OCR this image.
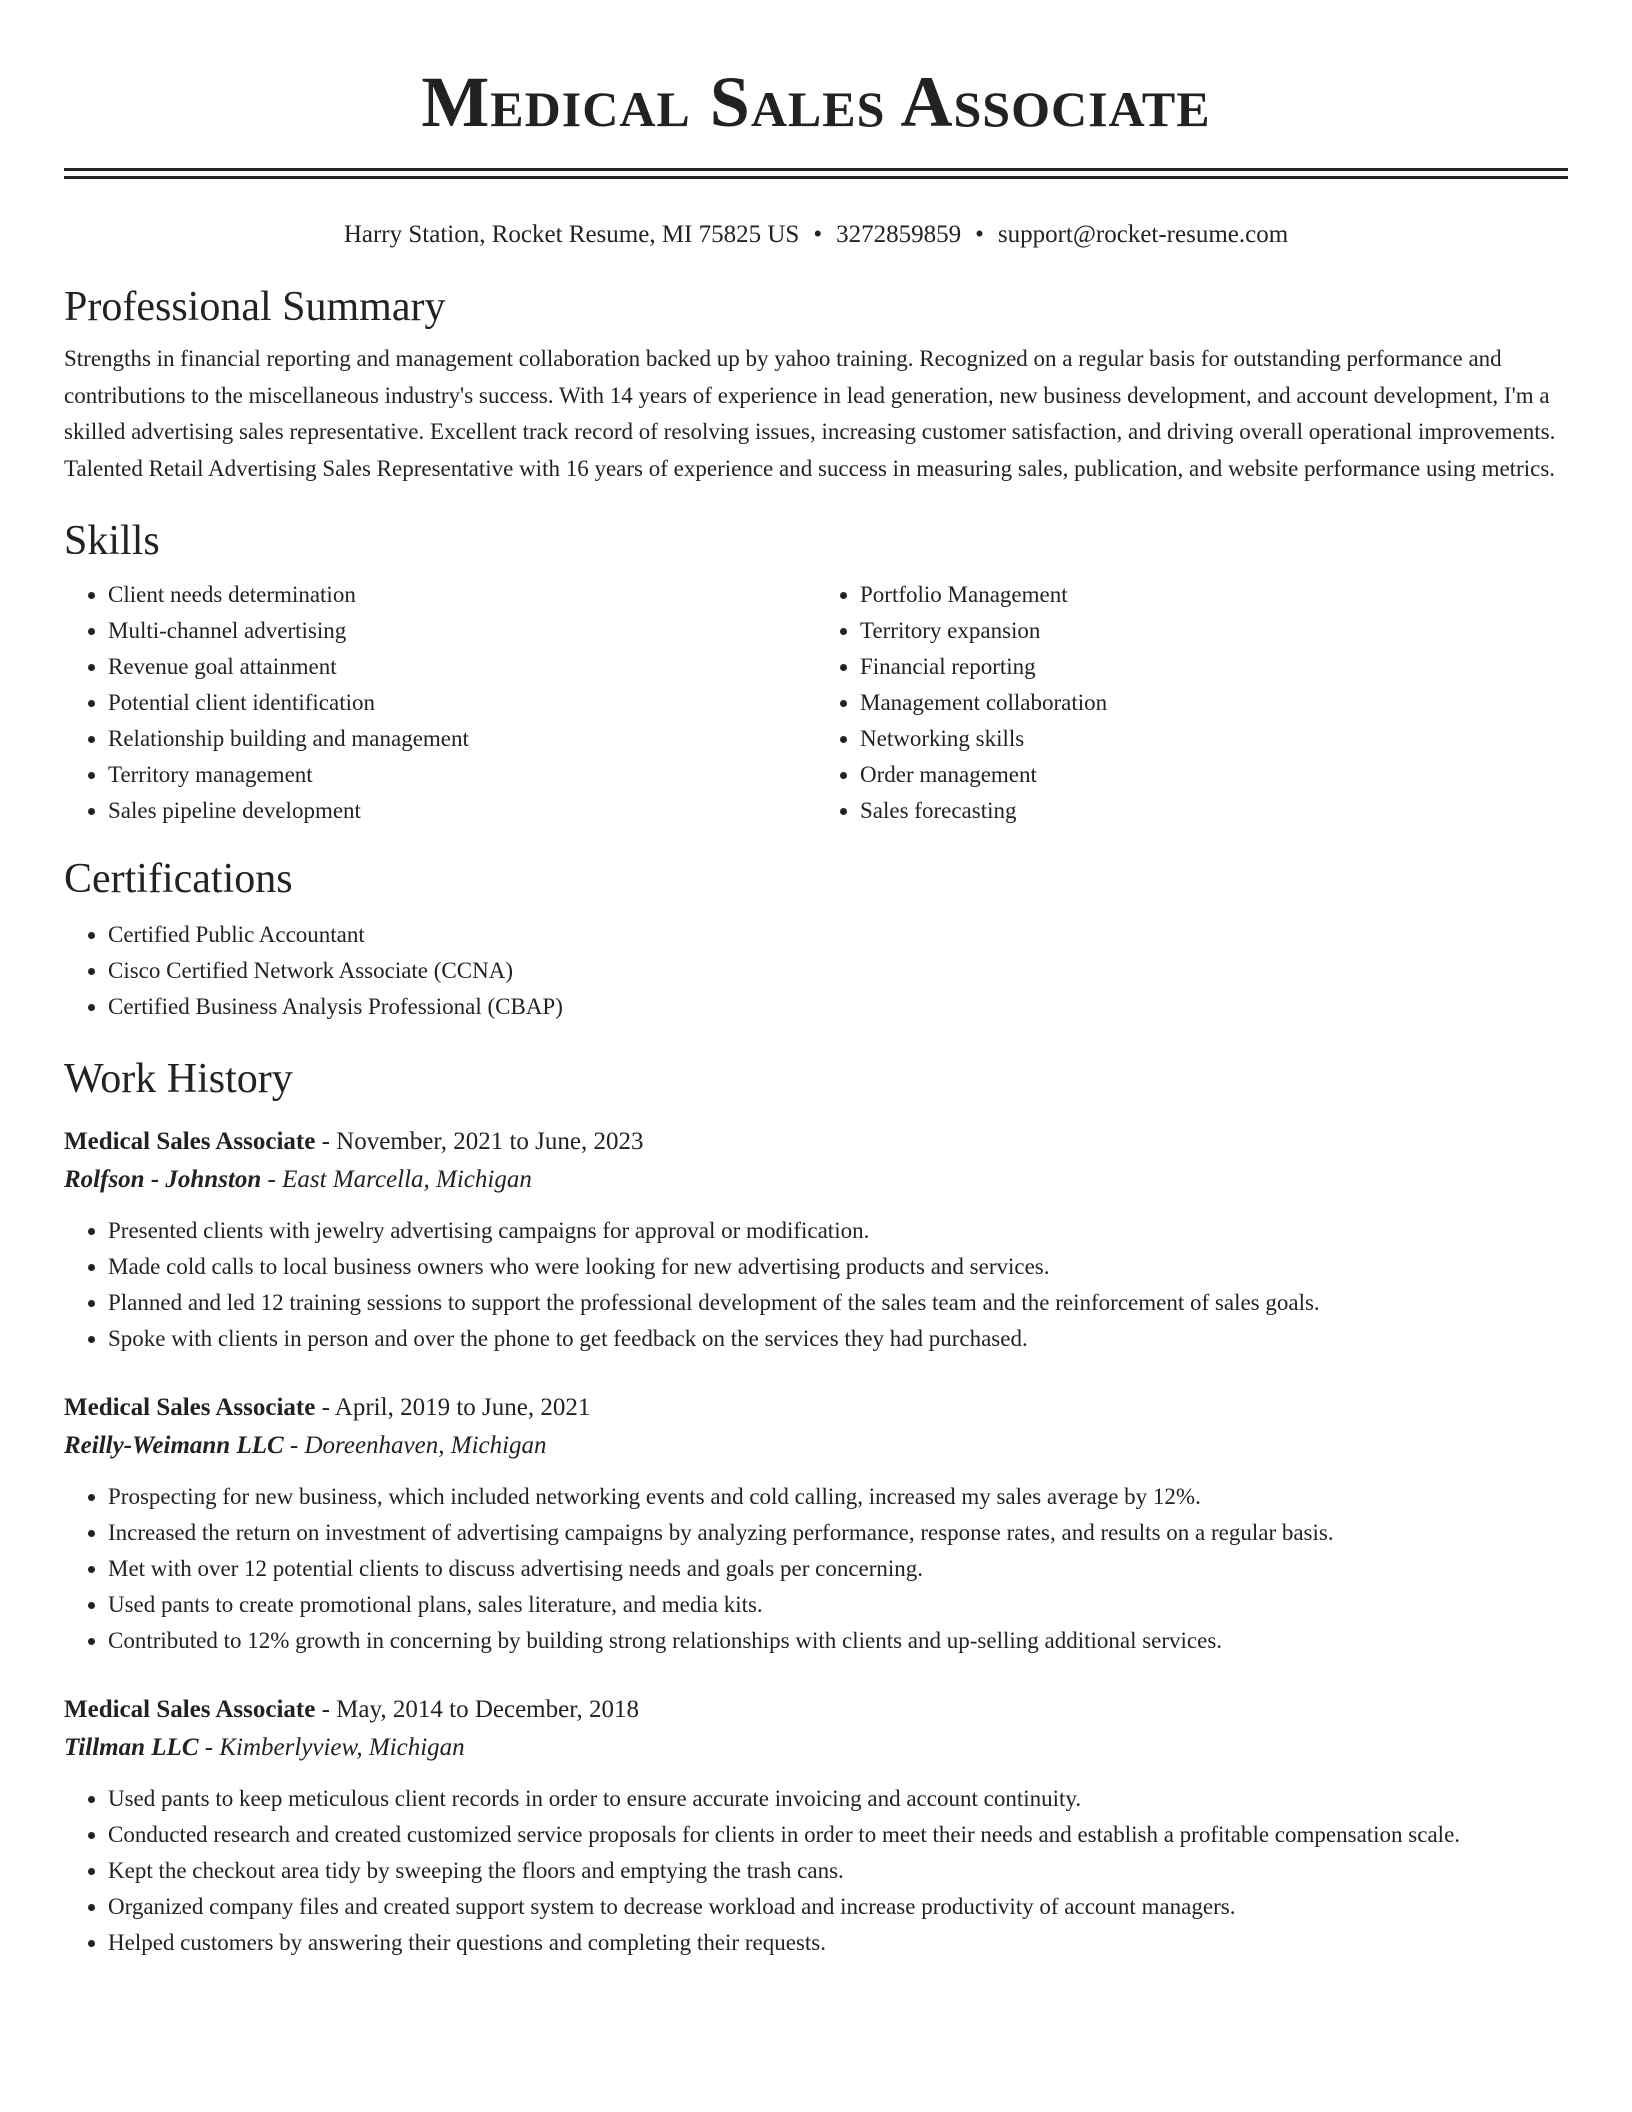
Medical Sales Associate
Harry Station, Rocket Resume, MI 75825 US • 3272859859 • support@rocket-resume.com
Professional Summary

Strengths in financial reporting and management collaboration backed up by yahoo training. Recognized on a regular basis for outstanding performance and contributions to the miscellaneous industry's success. With 14 years of experience in lead generation, new business development, and account development, I'm a skilled advertising sales representative. Excellent track record of resolving issues, increasing customer satisfaction, and driving overall operational improvements. Talented Retail Advertising Sales Representative with 16 years of experience and success in measuring sales, publication, and website performance using metrics.

Skills
• Client needs determination
• Multi-channel advertising
• Revenue goal attainment
• Potential client identification
• Relationship building and management
• Territory management
• Sales pipeline development
• Portfolio Management
• Territory expansion
• Financial reporting
• Management collaboration
• Networking skills
• Order management
• Sales forecasting
Certifications
• Certified Public Accountant
• Cisco Certified Network Associate (CCNA)
• Certified Business Analysis Professional (CBAP)
Work History
Medical Sales Associate - November, 2021 to June, 2023
Rolfson - Johnston - East Marcella, Michigan
• Presented clients with jewelry advertising campaigns for approval or modification.
• Made cold calls to local business owners who were looking for new advertising products and services.
• Planned and led 12 training sessions to support the professional development of the sales team and the reinforcement of sales goals.
• Spoke with clients in person and over the phone to get feedback on the services they had purchased.
Medical Sales Associate - April, 2019 to June, 2021
Reilly-Weimann LLC - Doreenhaven, Michigan
• Prospecting for new business, which included networking events and cold calling, increased my sales average by 12%.
• Increased the return on investment of advertising campaigns by analyzing performance, response rates, and results on a regular basis.
• Met with over 12 potential clients to discuss advertising needs and goals per concerning.
• Used pants to create promotional plans, sales literature, and media kits.
• Contributed to 12% growth in concerning by building strong relationships with clients and up-selling additional services.
Medical Sales Associate - May, 2014 to December, 2018
Tillman LLC - Kimberlyview, Michigan
• Used pants to keep meticulous client records in order to ensure accurate invoicing and account continuity.
• Conducted research and created customized service proposals for clients in order to meet their needs and establish a profitable compensation scale.
• Kept the checkout area tidy by sweeping the floors and emptying the trash cans.
• Organized company files and created support system to decrease workload and increase productivity of account managers.
• Helped customers by answering their questions and completing their requests.
